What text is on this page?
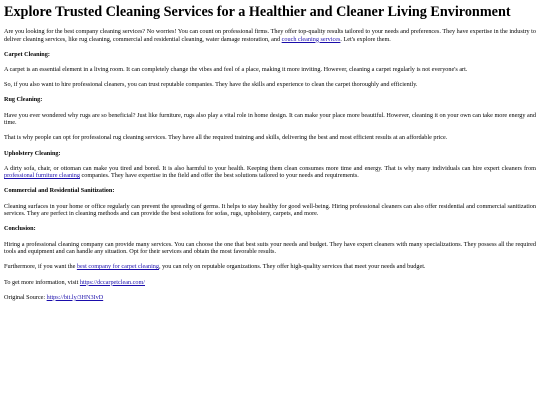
Explore Trusted Cleaning Services for a Healthier and Cleaner Living Environment

Are you looking for the best company cleaning services? No worries! You can count on professional firms. They offer top-quality results tailored to your needs and preferences. They have expertise in the industry to deliver cleaning services, like rug cleaning, commercial and residential cleaning, water damage restoration, and couch cleaning services. Let's explore them.

Carpet Cleaning:

A carpet is an essential element in a living room. It can completely change the vibes and feel of a place, making it more inviting. However, cleaning a carpet regularly is not everyone's art.

So, if you also want to hire professional cleaners, you can trust reputable companies. They have the skills and experience to clean the carpet thoroughly and efficiently.

Rug Cleaning:

Have you ever wondered why rugs are so beneficial? Just like furniture, rugs also play a vital role in home design. It can make your place more beautiful. However, cleaning it on your own can take more energy and time.

That is why people can opt for professional rug cleaning services. They have all the required training and skills, delivering the best and most efficient results at an affordable price.

Upholstery Cleaning:

A dirty sofa, chair, or ottoman can make you tired and bored. It is also harmful to your health. Keeping them clean consumes more time and energy. That is why many individuals can hire expert cleaners from professional furniture cleaning companies. They have expertise in the field and offer the best solutions tailored to your needs and requirements.

Commercial and Residential Sanitization:

Cleaning surfaces in your home or office regularly can prevent the spreading of germs. It helps to stay healthy for good well-being. Hiring professional cleaners can also offer residential and commercial sanitization services. They are perfect in cleaning methods and can provide the best solutions for sofas, rugs, upholstery, carpets, and more.

Conclusion:

Hiring a professional cleaning company can provide many services. You can choose the one that best suits your needs and budget. They have expert cleaners with many specializations. They possess all the required tools and equipment and can handle any situation. Opt for their services and obtain the most favorable results.

Furthermore, if you want the best company for carpet cleaning, you can rely on reputable organizations. They offer high-quality services that meet your needs and budget.

To get more information, visit https://dccarpetclean.com/

Original Source: https://bit.ly/3HN3IvD
